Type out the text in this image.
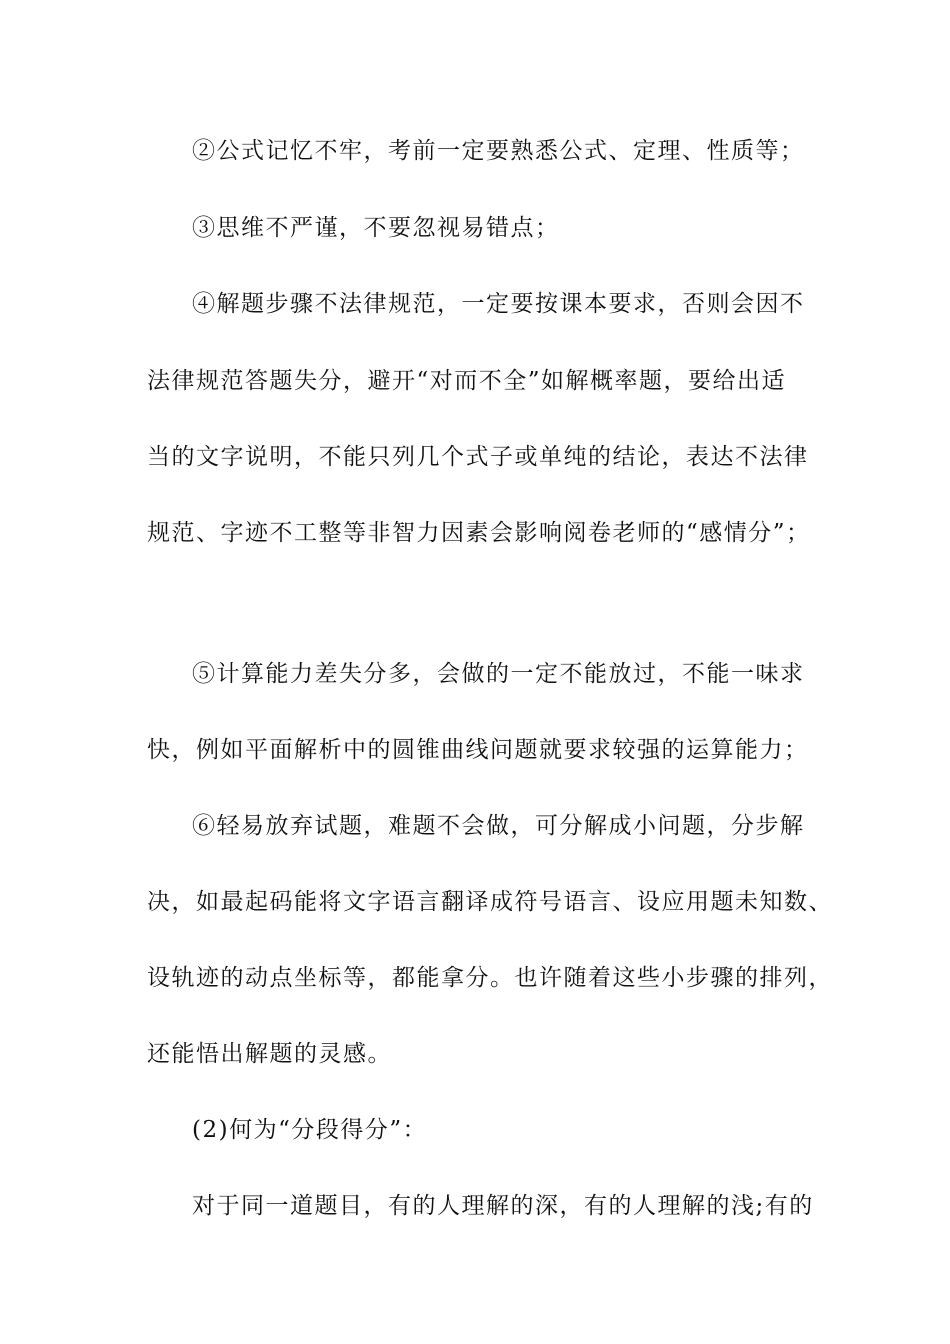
②公式记忆不牢，考前一定要熟悉公式、定理、性质等；
③思维不严谨，不要忽视易错点；
④解题步骤不法律规范，一定要按课本要求，否则会因不
法律规范答题失分，避开“对而不全”如解概率题，要给出适
当的文字说明，不能只列几个式子或单纯的结论，表达不法律
规范、字迹不工整等非智力因素会影响阅卷老师的“感情分”；
⑤计算能力差失分多，会做的一定不能放过，不能一味求
快，例如平面解析中的圆锥曲线问题就要求较强的运算能力；
⑥轻易放弃试题，难题不会做，可分解成小问题，分步解
决，如最起码能将文字语言翻译成符号语言、设应用题未知数、
设轨迹的动点坐标等，都能拿分。也许随着这些小步骤的排列，
还能悟出解题的灵感。
(2)何为“分段得分”：
对于同一道题目，有的人理解的深，有的人理解的浅;有的
